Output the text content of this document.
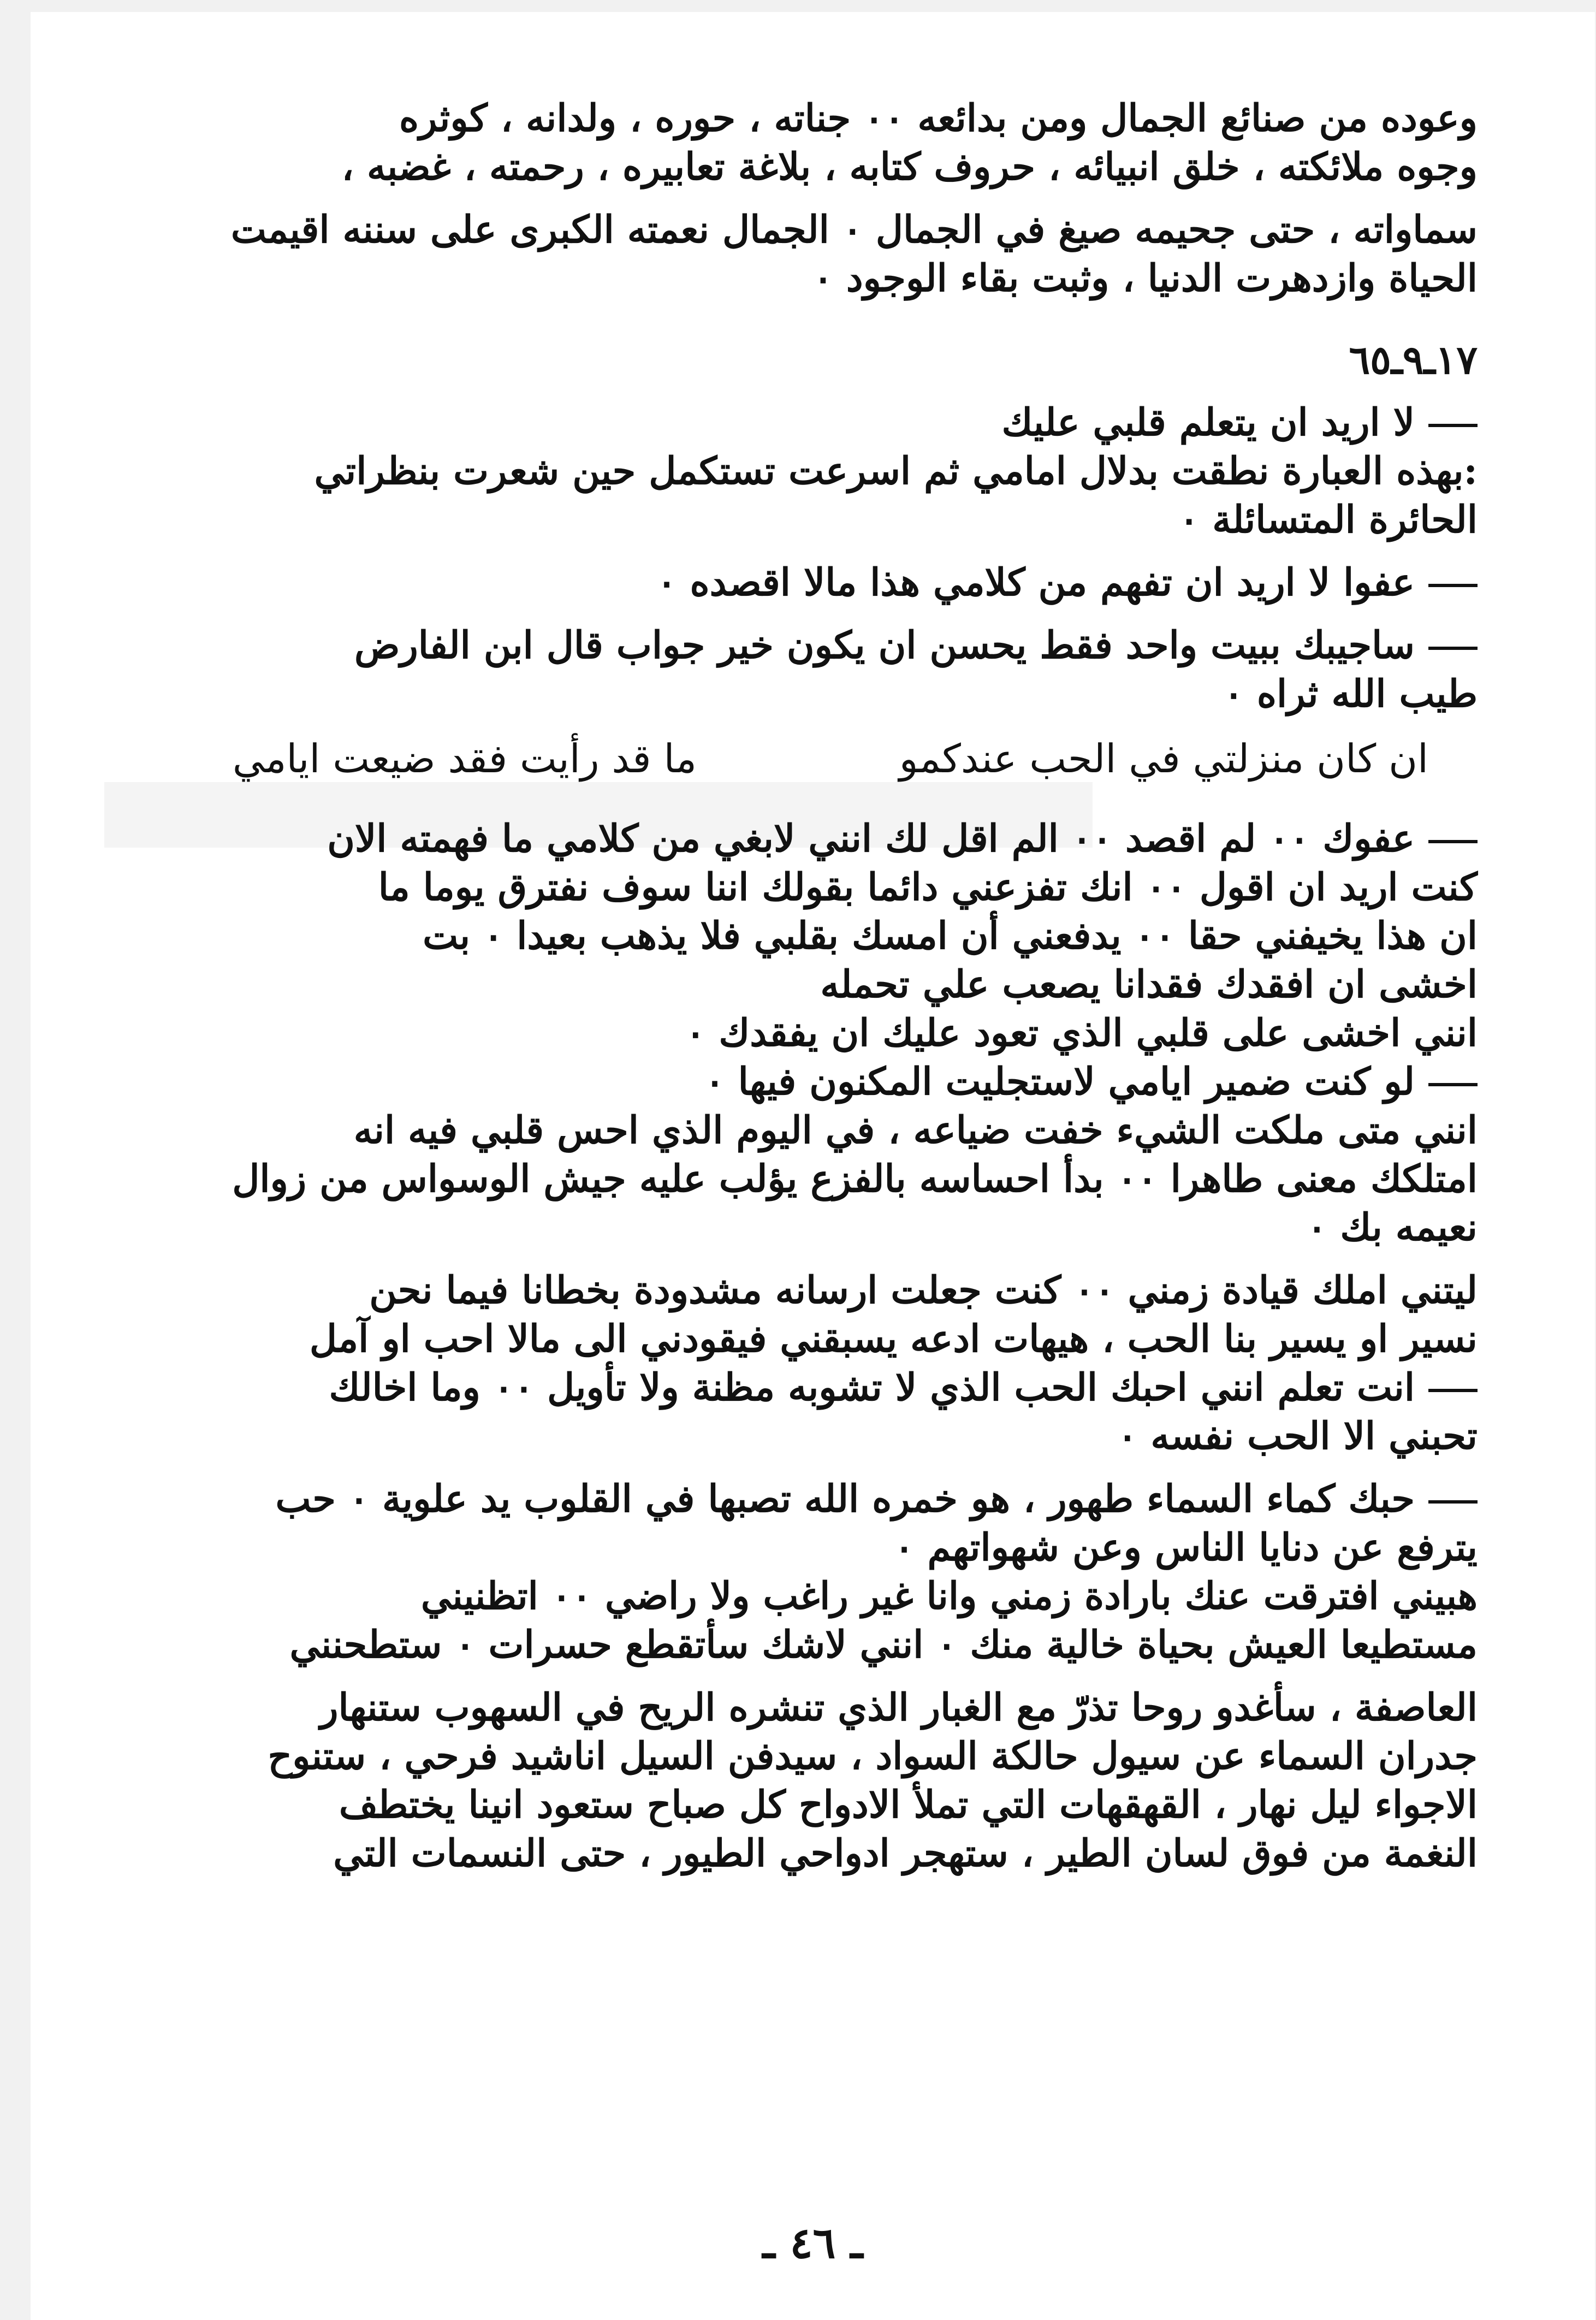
وعوده من صنائع الجمال ومن بدائعه ٠٠ جناته ، حوره ، ولدانه ، كوثره
وجوه ملائكته ، خلق انبيائه ، حروف كتابه ، بلاغة تعابيره ، رحمته ، غضبه ،
سماواته ، حتى جحيمه صيغ في الجمال ٠ الجمال نعمته الكبرى على سننه اقيمت
الحياة وازدهرت الدنيا ، وثبت بقاء الوجود ٠
١٧ـ٩ـ٦٥
لا اريد ان يتعلم قلبي عليك
:بهذه العبارة نطقت بدلال امامي ثم اسرعت تستكمل حين شعرت بنظراتي
الحائرة المتسائلة ٠
عفوا لا اريد ان تفهم من كلامي هذا مالا اقصده ٠
ساجيبك ببيت واحد فقط يحسن ان يكون خير جواب قال ابن الفارض
طيب الله ثراه ٠
ان كان منزلتي في الحب عندكمو
ما قد رأيت فقد ضيعت ايامي
عفوك ٠٠ لم اقصد ٠٠ الم اقل لك انني لابغي من كلامي ما فهمته الان
كنت اريد ان اقول ٠٠ انك تفزعني دائما بقولك اننا سوف نفترق يوما ما
ان هذا يخيفني حقا ٠٠ يدفعني أن امسك بقلبي فلا يذهب بعيدا ٠ بت
اخشى ان افقدك فقدانا يصعب علي تحمله
انني اخشى على قلبي الذي تعود عليك ان يفقدك ٠
لو كنت ضمير ايامي لاستجليت المكنون فيها ٠
انني متى ملكت الشيء خفت ضياعه ، في اليوم الذي احس قلبي فيه انه
امتلكك معنى طاهرا ٠٠ بدأ احساسه بالفزع يؤلب عليه جيش الوسواس من زوال
نعيمه بك ٠
ليتني املك قيادة زمني ٠٠ كنت جعلت ارسانه مشدودة بخطانا فيما نحن
نسير او يسير بنا الحب ، هيهات ادعه يسبقني فيقودني الى مالا احب او آمل
انت تعلم انني احبك الحب الذي لا تشوبه مظنة ولا تأويل ٠٠ وما اخالك
تحبني الا الحب نفسه ٠
حبك كماء السماء طهور ، هو خمره الله تصبها في القلوب يد علوية ٠ حب
يترفع عن دنايا الناس وعن شهواتهم ٠
هبيني افترقت عنك بارادة زمني وانا غير راغب ولا راضي ٠٠ اتظنيني
مستطيعا العيش بحياة خالية منك ٠ انني لاشك سأتقطع حسرات ٠ ستطحنني
العاصفة ، سأغدو روحا تذرّ مع الغبار الذي تنشره الريح في السهوب ستنهار
جدران السماء عن سيول حالكة السواد ، سيدفن السيل اناشيد فرحي ، ستنوح
الاجواء ليل نهار ، القهقهات التي تملأ الادواح كل صباح ستعود انينا يختطف
النغمة من فوق لسان الطير ، ستهجر ادواحي الطيور ، حتى النسمات التي
ـ ٤٦ ـ
